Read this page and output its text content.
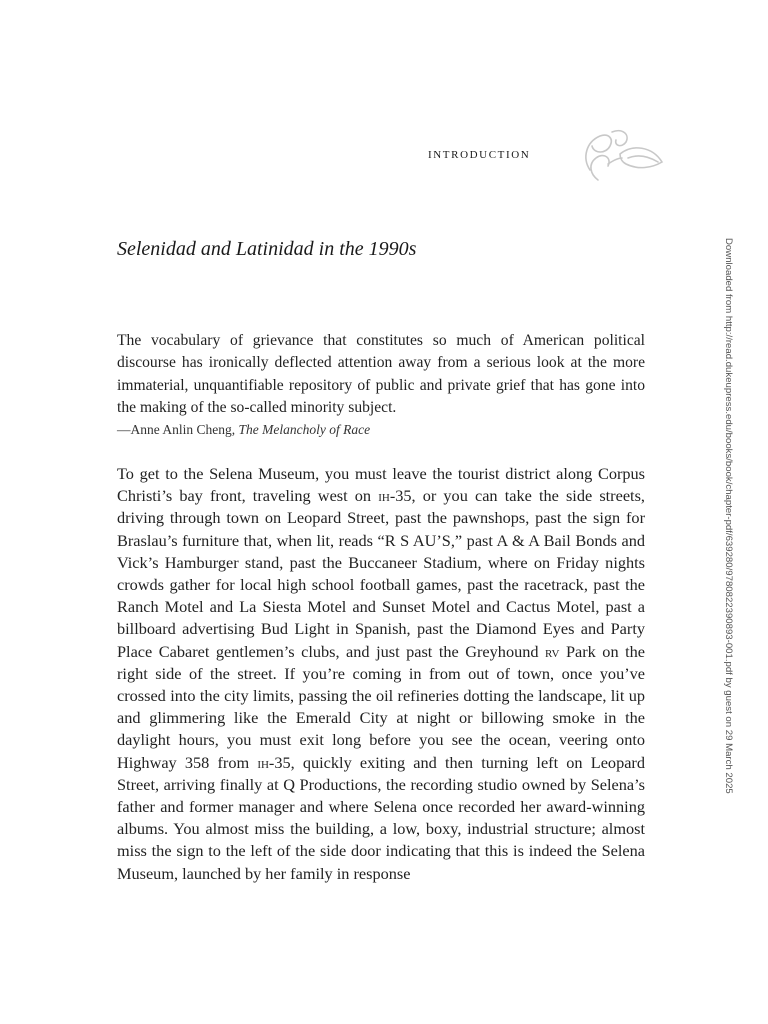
introduction
Selenidad and Latinidad in the 1990s

The vocabulary of grievance that constitutes so much of American political discourse has ironically deflected attention away from a serious look at the more immaterial, unquantifiable repository of public and private grief that has gone into the making of the so-called minority subject.

—Anne Anlin Cheng, The Melancholy of Race

To get to the Selena Museum, you must leave the tourist district along Corpus Christi’s bay front, traveling west on ih-35, or you can take the side streets, driving through town on Leopard Street, past the pawnshops, past the sign for Braslau’s furniture that, when lit, reads “R S AU’S,” past A & A Bail Bonds and Vick’s Hamburger stand, past the Buccaneer Stadium, where on Friday nights crowds gather for local high school football games, past the racetrack, past the Ranch Motel and La Siesta Motel and Sunset Motel and Cactus Motel, past a billboard advertising Bud Light in Spanish, past the Diamond Eyes and Party Place Cabaret gentlemen’s clubs, and just past the Greyhound rv Park on the right side of the street. If you’re coming in from out of town, once you’ve crossed into the city limits, passing the oil refineries dotting the landscape, lit up and glimmering like the Emerald City at night or billowing smoke in the daylight hours, you must exit long before you see the ocean, veering onto Highway 358 from ih-35, quickly exiting and then turning left on Leopard Street, arriving finally at Q Productions, the recording studio owned by Selena’s father and former manager and where Selena once recorded her award-winning albums. You almost miss the building, a low, boxy, industrial structure; almost miss the sign to the left of the side door indicating that this is indeed the Selena Museum, launched by her family in response

Downloaded from http://read.dukeupress.edu/books/book/chapter-pdf/639280/9780822390893-001.pdf by guest on 29 March 2025
